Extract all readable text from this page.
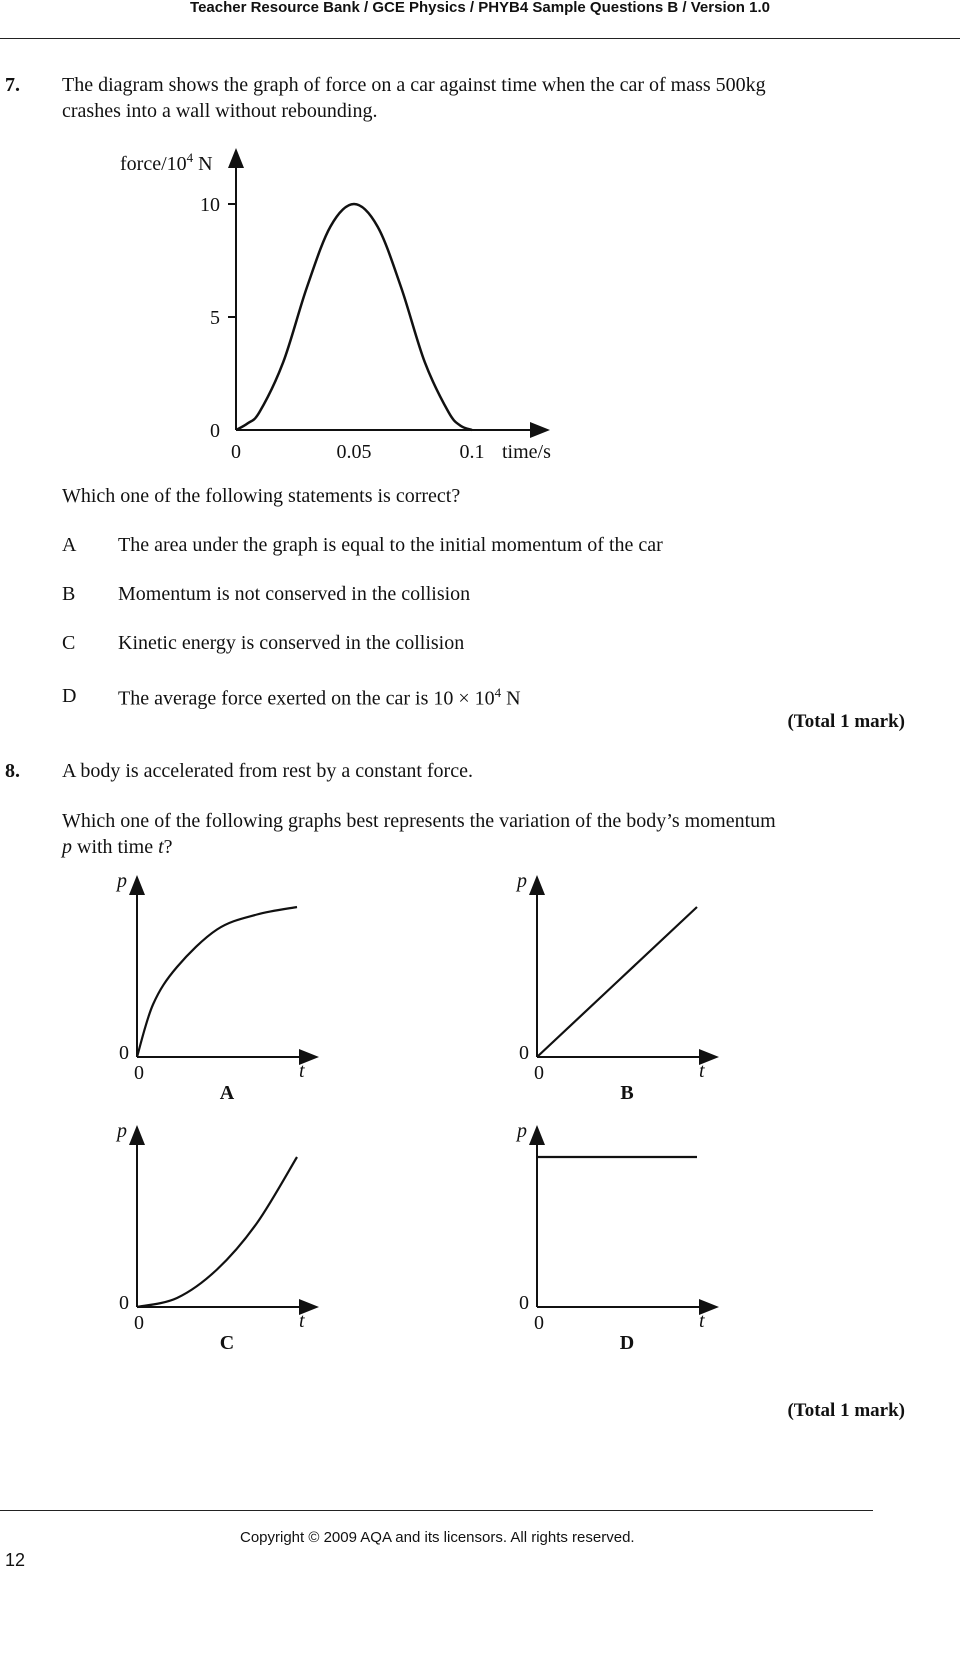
Teacher Resource Bank / GCE Physics / PHYB4 Sample Questions B / Version 1.0
7. The diagram shows the graph of force on a car against time when the car of mass 500kg
crashes into a wall without rebounding.
force/$10^4$ N
0
5
10
0	0.05	0.1 time/s
Which one of the following statements is correct?
A The area under the graph is equal to the initial momentum of the car
B Momentum is not conserved in the collision
C Kinetic energy is conserved in the collision
D The average force exerted on the car is $10 \times 10^4$ N
(Total 1 mark)
8. A body is accelerated from rest by a constant force.
Which one of the following graphs best represents the variation of the body’s momentum
p with time t?
p
t
0
0
A
p
t
0
0
B
p
t
0
0
C
p
t
0
0
D
(Total 1 mark)
Copyright © 2009 AQA and its licensors. All rights reserved.
12
